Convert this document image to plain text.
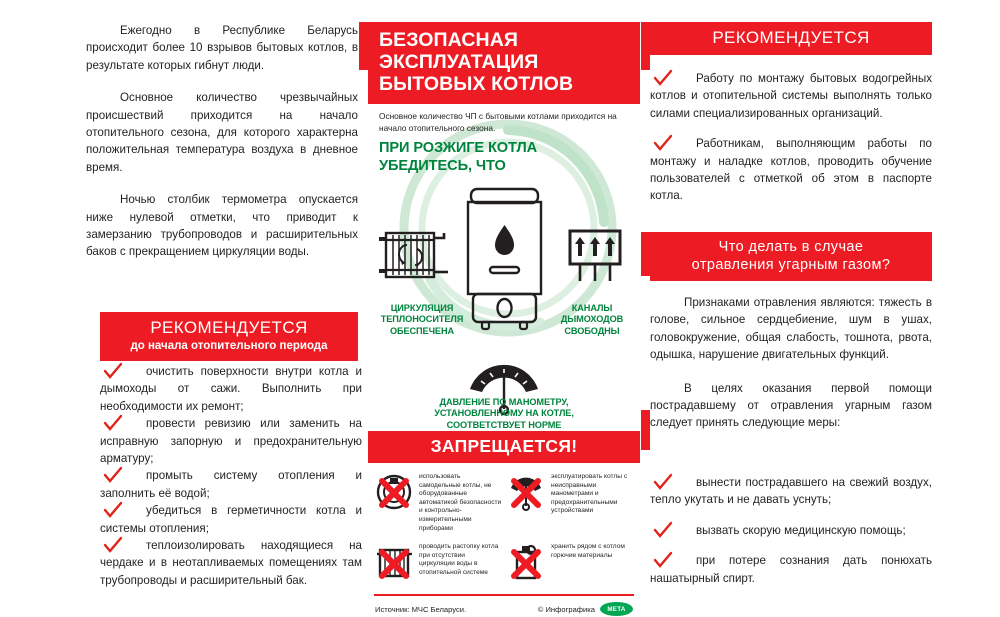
Ежегодно в Республике Беларусь происходит более 10 взрывов бытовых котлов, в результате которых гибнут люди.

Основное количество чрезвычайных происшествий приходится на начало отопительного сезона, для которого характерна положительная температура воздуха в дневное время.

Ночью столбик термометра опускается ниже нулевой отметки, что приводит к замерзанию трубопроводов и расширительных баков с прекращением циркуляции воды.

РЕКОМЕНДУЕТСЯ
до начала отопительного периода
очистить поверхности внутри котла и дымоходы от сажи. Выполнить при необходимости их ремонт;
провести ревизию или заменить на исправную запорную и предохранительную арматуру;
промыть систему отопления и заполнить её водой;
убедиться в герметичности котла и системы отопления;
теплоизолировать находящиеся на чердаке и в неотапливаемых помещениях там трубопроводы и расширительный бак.
БЕЗОПАСНАЯ ЭКСПЛУАТАЦИЯ
БЫТОВЫХ КОТЛОВ
Основное количество ЧП с бытовыми котлами приходится на начало отопительного сезона.
ПРИ РОЗЖИГЕ КОТЛА УБЕДИТЕСЬ, ЧТО
ЦИРКУЛЯЦИЯ ТЕПЛОНОСИТЕЛЯ ОБЕСПЕЧЕНА
КАНАЛЫ ДЫМОХОДОВ СВОБОДНЫ
ДАВЛЕНИЕ ПО МАНОМЕТРУ, УСТАНОВЛЕННОМУ НА КОТЛЕ, СООТВЕТСТВУЕТ НОРМЕ
ЗАПРЕЩАЕТСЯ!
использовать самодельные котлы, не оборудованные автоматикой безопасности и контрольно-измерительными приборами
эксплуатировать котлы с неисправными манометрами и предохранительными устройствами
проводить растопку котла при отсутствии циркуляции воды в отопительной системе
хранить рядом с котлом горючие материалы
Источник: МЧС Беларуси.	© Инфографика	МЕТА
РЕКОМЕНДУЕТСЯ
Работу по монтажу бытовых водогрейных котлов и отопительной системы выполнять только силами специализированных организаций.
Работникам, выполняющим работы по монтажу и наладке котлов, проводить обучение пользователей с отметкой об этом в паспорте котла.
Что делать в случае
отравления угарным газом?

Признаками отравления являются: тяжесть в голове, сильное сердцебиение, шум в ушах, головокружение, общая слабость, тошнота, рвота, одышка, нарушение двигательных функций.

В целях оказания первой помощи пострадавшему от отравления угарным газом следует принять следующие меры:

вынести пострадавшего на свежий воздух, тепло укутать и не давать уснуть;
вызвать скорую медицинскую помощь;
при потере сознания дать понюхать нашатырный спирт.
